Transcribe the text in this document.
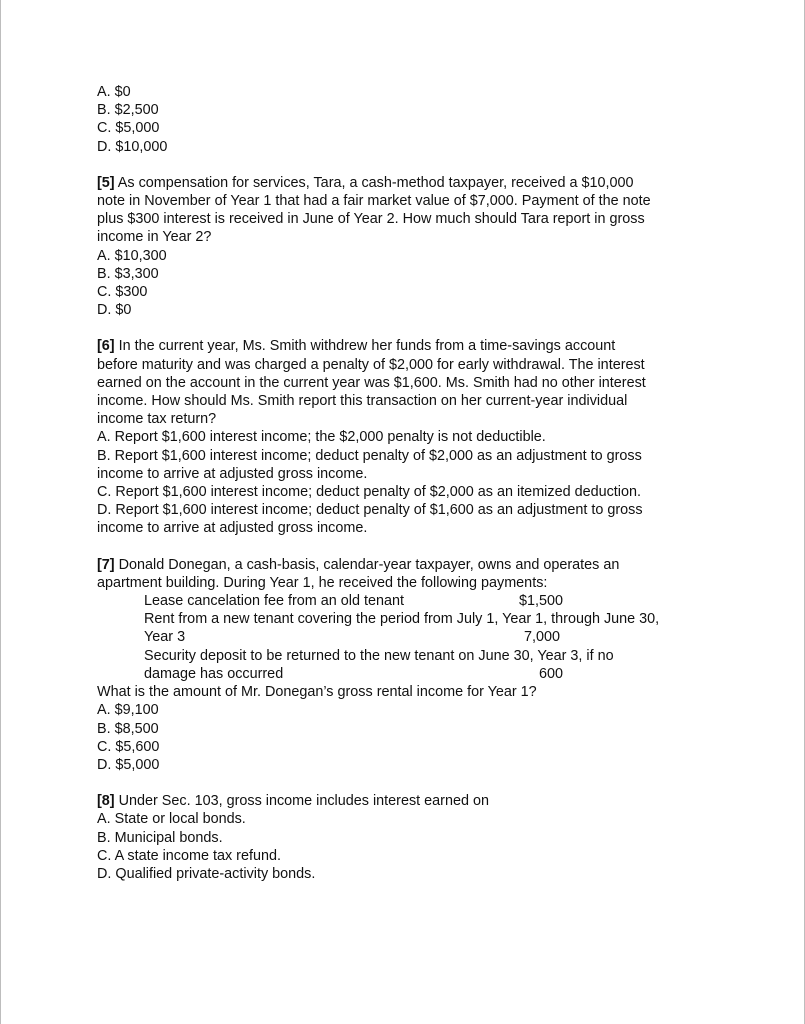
A. $0
B. $2,500
C. $5,000
D. $10,000
[5] As compensation for services, Tara, a cash-method taxpayer, received a $10,000
note in November of Year 1 that had a fair market value of $7,000. Payment of the note
plus $300 interest is received in June of Year 2. How much should Tara report in gross
income in Year 2?
A. $10,300
B. $3,300
C. $300
D. $0
[6] In the current year, Ms. Smith withdrew her funds from a time-savings account
before maturity and was charged a penalty of $2,000 for early withdrawal. The interest
earned on the account in the current year was $1,600. Ms. Smith had no other interest
income. How should Ms. Smith report this transaction on her current-year individual
income tax return?
A. Report $1,600 interest income; the $2,000 penalty is not deductible.
B. Report $1,600 interest income; deduct penalty of $2,000 as an adjustment to gross
income to arrive at adjusted gross income.
C. Report $1,600 interest income; deduct penalty of $2,000 as an itemized deduction.
D. Report $1,600 interest income; deduct penalty of $1,600 as an adjustment to gross
income to arrive at adjusted gross income.
[7] Donald Donegan, a cash-basis, calendar-year taxpayer, owns and operates an
apartment building. During Year 1, he received the following payments:
Lease cancelation fee from an old tenant	$1,500
Rent from a new tenant covering the period from July 1, Year 1, through June 30,
Year 3	7,000
Security deposit to be returned to the new tenant on June 30, Year 3, if no
damage has occurred	600
What is the amount of Mr. Donegan’s gross rental income for Year 1?
A. $9,100
B. $8,500
C. $5,600
D. $5,000
[8] Under Sec. 103, gross income includes interest earned on
A. State or local bonds.
B. Municipal bonds.
C. A state income tax refund.
D. Qualified private-activity bonds.
